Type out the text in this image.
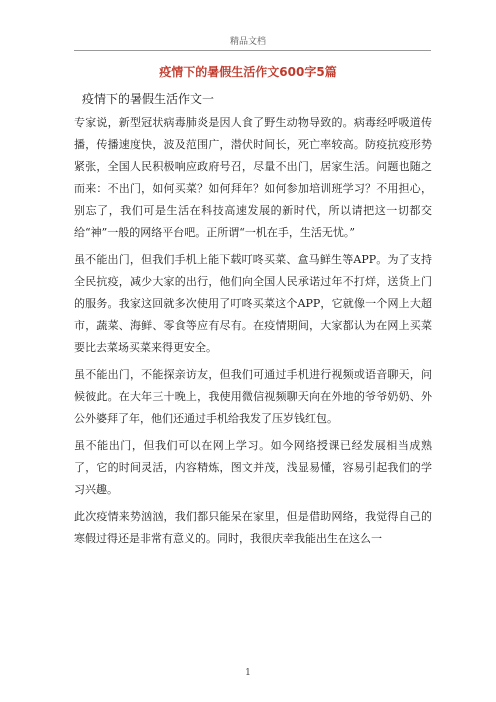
精品文档
疫情下的暑假生活作文600字5篇

疫情下的暑假生活作文一

专家说，新型冠状病毒肺炎是因人食了野生动物导致的。病毒经呼吸道传播，传播速度快，波及范围广，潜伏时间长，死亡率较高。防疫抗疫形势紧张，全国人民积极响应政府号召，尽量不出门，居家生活。问题也随之而来：不出门，如何买菜？如何拜年？如何参加培训班学习？不用担心，别忘了，我们可是生活在科技高速发展的新时代，所以请把这一切都交给“神”一般的网络平台吧。正所谓“一机在手，生活无忧。”

虽不能出门，但我们手机上能下载叮咚买菜、盒马鲜生等APP。为了支持全民抗疫，减少大家的出行，他们向全国人民承诺过年不打烊，送货上门的服务。我家这回就多次使用了叮咚买菜这个APP，它就像一个网上大超市，蔬菜、海鲜、零食等应有尽有。在疫情期间，大家都认为在网上买菜要比去菜场买菜来得更安全。

虽不能出门，不能探亲访友，但我们可通过手机进行视频或语音聊天，问候彼此。在大年三十晚上，我使用微信视频聊天向在外地的爷爷奶奶、外公外婆拜了年，他们还通过手机给我发了压岁钱红包。

虽不能出门，但我们可以在网上学习。如今网络授课已经发展相当成熟了，它的时间灵活，内容精炼，图文并茂，浅显易懂，容易引起我们的学习兴趣。

此次疫情来势汹汹，我们都只能呆在家里，但是借助网络，我觉得自己的寒假过得还是非常有意义的。同时，我很庆幸我能出生在这么一

1
